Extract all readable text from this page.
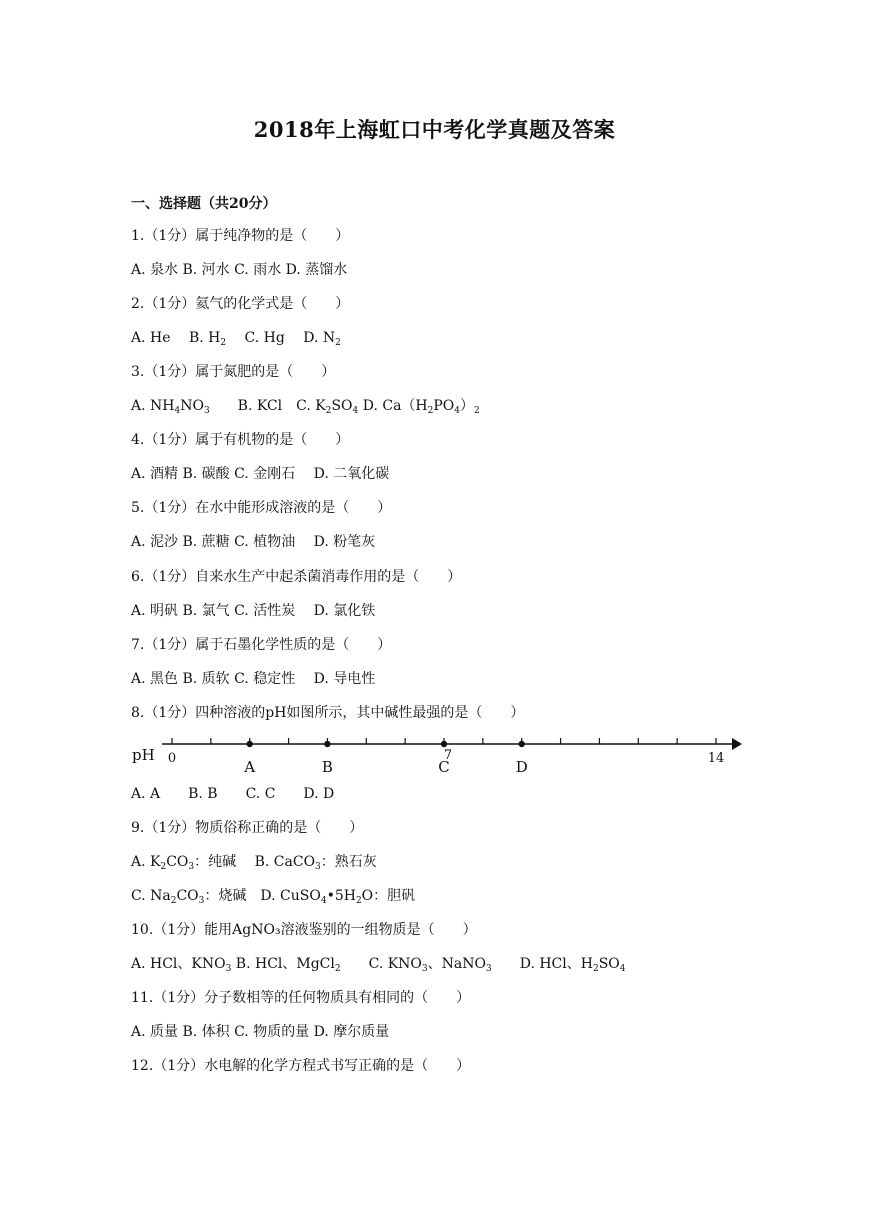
2018年上海虹口中考化学真题及答案
一、选择题（共20分）
1.（1分）属于纯净物的是（　　）
A. 泉水 B. 河水 C. 雨水 D. 蒸馏水
2.（1分）氦气的化学式是（　　）
A. He　 B. $H_2$　 C. Hg　 D. $N_2$
3.（1分）属于氮肥的是（　　）
A. $NH_4NO_3$　　B. KCl　C. $K_2SO_4$ D. $Ca(H_2PO_4)_2$
4.（1分）属于有机物的是（　　）
A. 酒精 B. 碳酸 C. 金刚石　 D. 二氧化碳
5.（1分）在水中能形成溶液的是（　　）
A. 泥沙 B. 蔗糖 C. 植物油　 D. 粉笔灰
6.（1分）自来水生产中起杀菌消毒作用的是（　　）
A. 明矾 B. 氯气 C. 活性炭　 D. 氯化铁
7.（1分）属于石墨化学性质的是（　　）
A. 黑色 B. 质软 C. 稳定性　 D. 导电性
8.（1分）四种溶液的pH如图所示，其中碱性最强的是（　　）
pH 0	7	14
A	B	C	D
A. A　　B. B　　C. C　　D. D
9.（1分）物质俗称正确的是（　　）
A. $K_2CO_3$：纯碱　 B. CaCO$_3$：熟石灰
C. $Na_2CO_3$：烧碱　D. $CuSO_4•5H_2O$：胆矾
10.（1分）能用AgNO₃溶液鉴别的一组物质是（　　）
A. HCl、$KNO_3$ B. HCl、MgCl$_2$　　C. $KNO_3$、NaNO$_3$　　D. HCl、$H_2SO_4$
11.（1分）分子数相等的任何物质具有相同的（　　）
A. 质量 B. 体积 C. 物质的量 D. 摩尔质量
12.（1分）水电解的化学方程式书写正确的是（　　）
